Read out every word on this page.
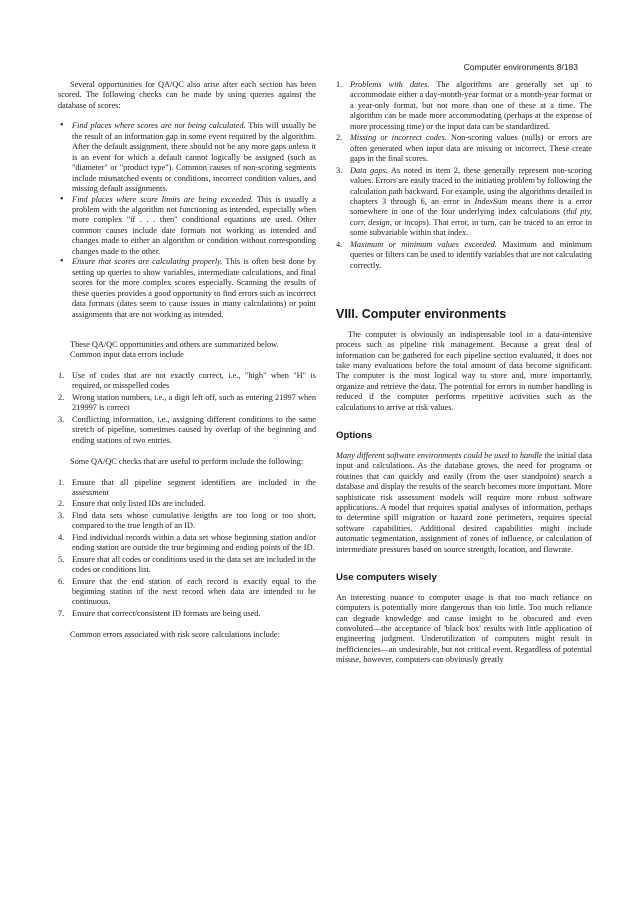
Computer environments 8/183

Several opportunities for QA/QC also arise after each section has been scored. The following checks can be made by using queries against the database of scores:

• Find places where scores are not being calculated. This will usually be the result of an information gap in some event required by the algorithm. After the default assignment, there should not be any more gaps unless it is an event for which a default cannot logically be assigned (such as "diameter" or "product type"). Common causes of non-scoring segments include mismatched events or conditions, incorrect condition values, and missing default assignments.
• Find places where score limits are being exceeded. This is usually a problem with the algorithm not functioning as intended, especially when more complex "if . . . then" conditional equations are used. Other common causes include date formats not working as intended and changes made to either an algorithm or condition without corresponding changes made to the other.
• Ensure that scores are calculating properly. This is often best done by setting up queries to show variables, intermediate calculations, and final scores for the more complex scores especially. Scanning the results of these queries provides a good opportunity to find errors such as incorrect data formats (dates seem to cause issues in many calculations) or point assignments that are not working as intended.

These QA/QC opportunities and others are summarized below.

Common input data errors include

1. Use of codes that are not exactly correct, i.e., "high" when "H" is required, or misspelled codes
2. Wrong station numbers, i.e., a digit left off, such as entering 21997 when 219997 is correct
3. Conflicting information, i.e., assigning different conditions to the same stretch of pipeline, sometimes caused by overlap of the beginning and ending stations of two entries.

Some QA/QC checks that are useful to perform include the following:

1. Ensure that all pipeline segment identifiers are included in the assessment
2. Ensure that only listed IDs are included.
3. Find data sets whose cumulative lengths are too long or too short, compared to the true length of an ID.
4. Find individual records within a data set whose beginning station and/or ending station are outside the true beginning and ending points of the ID.
5. Ensure that all codes or conditions used in the data set are included in the codes or conditions list.
6. Ensure that the end station of each record is exactly equal to the beginning station of the next record when data are intended to be continuous.
7. Ensure that correct/consistent ID formats are being used.

Common errors associated with risk score calculations include:

1. Problems with dates. The algorithms are generally set up to accommodate either a day-month-year format or a month-year format or a year-only format, but not more than one of these at a time. The algorithm can be made more accommodating (perhaps at the expense of more processing time) or the input data can be standardized.
2. Missing or incorrect codes. Non-scoring values (nulls) or errors are often generated when input data are missing or incorrect. These create gaps in the final scores.
3. Data gaps. As noted in item 2, these generally represent non-scoring values. Errors are easily traced to the initiating problem by following the calculation path backward. For example, using the algorithms detailed in chapters 3 through 6, an error in IndexSum means there is a error somewhere in one of the four underlying index calculations (thd pty, corr, design, or incops). That error, in turn, can be traced to an error in some subvariable within that index.
4. Maximum or minimum values exceeded. Maximum and minimum queries or filters can be used to identify variables that are not calculating correctly.
VIII. Computer environments

The computer is obviously an indispensable tool in a data-intensive process such as pipeline risk management. Because a great deal of information can be gathered for each pipeline section evaluated, it does not take many evaluations before the total amount of data become significant. The computer is the most logical way to store and, more importantly, organize and retrieve the data. The potential for errors in number handling is reduced if the computer performs repetitive activities such as the calculations to arrive at risk values.

Options

Many different software environments could be used to handle the initial data input and calculations. As the database grows, the need for programs or routines that can quickly and easily (from the user standpoint) search a database and display the results of the search becomes more important. More sophisticate risk assessment models will require more robust software applications. A model that requires spatial analyses of information, perhaps to determine spill migration or hazard zone perimeters, requires special software capabilities. Additional desired capabilities might include automatic segmentation, assignment of zones of influence, or calculation of intermediate pressures based on source strength, location, and flowrate.

Use computers wisely

An interesting nuance to computer usage is that too much reliance on computers is potentially more dangerous than too little. Too much reliance can degrade knowledge and cause insight to be obscured and even convoluted—the acceptance of 'black box' results with little application of engineering judgment. Underutilization of computers might result in inefficiencies—an undesirable, but not critical event. Regardless of potential misuse, however, computers can obviously greatly
